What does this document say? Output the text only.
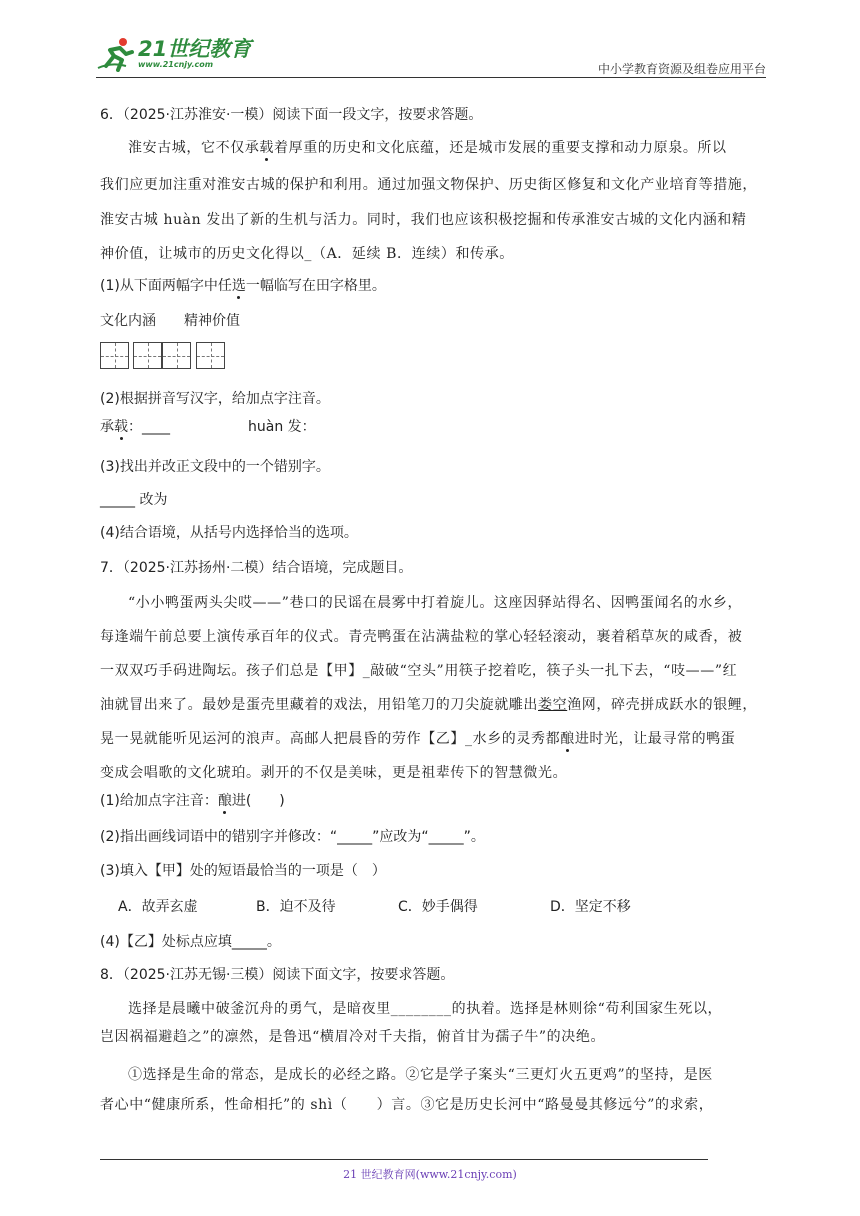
21世纪教育
www.21cnjy.com	中小学教育资源及组卷应用平台
6．（2025·江苏淮安·一模）阅读下面一段文字，按要求答题。
淮安古城，它不仅承载着厚重的历史和文化底蕴，还是城市发展的重要支撑和动力原泉。所以
我们应更加注重对淮安古城的保护和利用。通过加强文物保护、历史街区修复和文化产业培育等措施，
淮安古城 huàn 发出了新的生机与活力。同时，我们也应该积极挖掘和传承淮安古城的文化内涵和精
神价值，让城市的历史文化得以_（A．延续 B．连续）和传承。
(1)从下面两幅字中任选一幅临写在田字格里。
文化内涵　　精神价值
(2)根据拼音写汉字，给加点字注音。
承载：____	huàn 发：
(3)找出并改正文段中的一个错别字。
_____ 改为
(4)结合语境，从括号内选择恰当的选项。
7．（2025·江苏扬州·二模）结合语境，完成题目。
“小小鸭蛋两头尖哎——”巷口的民谣在晨雾中打着旋儿。这座因驿站得名、因鸭蛋闻名的水乡，
每逢端午前总要上演传承百年的仪式。青壳鸭蛋在沾满盐粒的掌心轻轻滚动，裹着稻草灰的咸香，被
一双双巧手码进陶坛。孩子们总是【甲】_敲破“空头”用筷子挖着吃，筷子头一扎下去，“吱——”红
油就冒出来了。最妙是蛋壳里藏着的戏法，用铅笔刀的刀尖旋就雕出娄空渔网，碎壳拼成跃水的银鲤，
晃一晃就能听见运河的浪声。高邮人把晨昏的劳作【乙】_水乡的灵秀都酿进时光，让最寻常的鸭蛋
变成会唱歌的文化琥珀。剥开的不仅是美味，更是祖辈传下的智慧微光。
(1)给加点字注音：酿进(　　)
(2)指出画线词语中的错别字并修改：“_____”应改为“_____”。
(3)填入【甲】处的短语最恰当的一项是（　）
A．故弄玄虚	B．迫不及待	C．妙手偶得	D．坚定不移
(4)【乙】处标点应填_____。
8．（2025·江苏无锡·三模）阅读下面文字，按要求答题。
选择是晨曦中破釜沉舟的勇气，是暗夜里________的执着。选择是林则徐“苟利国家生死以，
岂因祸福避趋之”的凛然，是鲁迅“横眉冷对千夫指，俯首甘为孺子牛”的决绝。
①选择是生命的常态，是成长的必经之路。②它是学子案头“三更灯火五更鸡”的坚持，是医
者心中“健康所系，性命相托”的 shì（　　）言。③它是历史长河中“路曼曼其修远兮”的求索，
21 世纪教育网(www.21cnjy.com)
